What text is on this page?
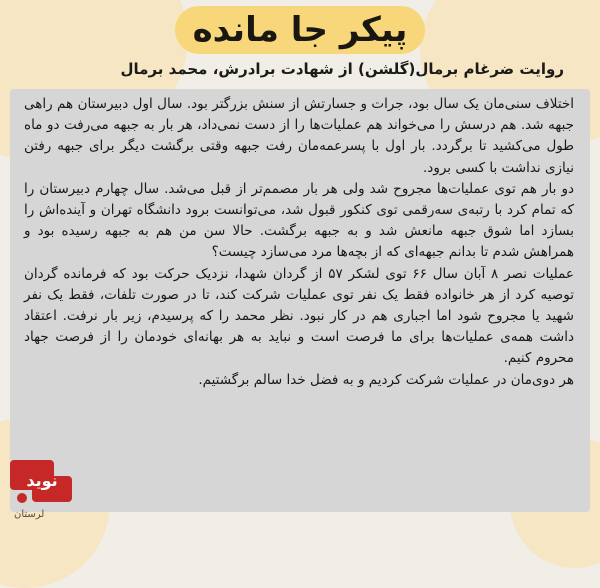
پیکر جا مانده
روایت ضرغام برمال(گلشن) از شهادت برادرش، محمد برمال

اختلاف سنی‌مان یک سال بود، جرات و جسارتش از سنش بزرگتر بود. سال اول دبیرستان هم راهی جبهه شد. هم درسش را می‌خواند هم عملیات‌ها را از دست نمی‌داد، هر بار به جبهه می‌رفت دو ماه طول می‌کشید تا برگردد. بار اول با پسرعمه‌مان رفت جبهه وقتی برگشت دیگر برای جبهه رفتن نیازی نداشت با کسی برود.

دو بار هم توی عملیات‌ها مجروح شد ولی هر بار مصمم‌تر از قبل می‌شد. سال چهارم دبیرستان را که تمام کرد با رتبه‌ی سه‌رقمی توی کنکور قبول شد، می‌توانست برود دانشگاه تهران و آینده‌اش را بسازد اما شوق جبهه مانعش شد و به جبهه برگشت. حالا سن من هم به جبهه رسیده بود و همراهش شدم تا بدانم جبهه‌ای که از بچه‌ها مرد می‌سازد چیست؟

عملیات نصر ۸ آبان سال ۶۶ توی لشکر ۵۷ از گردان شهدا، نزدیک حرکت بود که فرمانده گردان توصیه کرد از هر خانواده فقط یک نفر توی عملیات شرکت کند، تا در صورت تلفات، فقط یک نفر شهید یا مجروح شود اما اجباری هم در کار نبود. نظر محمد را که پرسیدم، زیر بار نرفت. اعتقاد داشت همه‌ی عملیات‌ها برای ما فرصت است و نباید به هر بهانه‌ای خودمان را از فرصت جهاد محروم کنیم.

هر دوی‌مان در عملیات شرکت کردیم و به فضل خدا سالم برگشتیم.

نوید
لرستان
